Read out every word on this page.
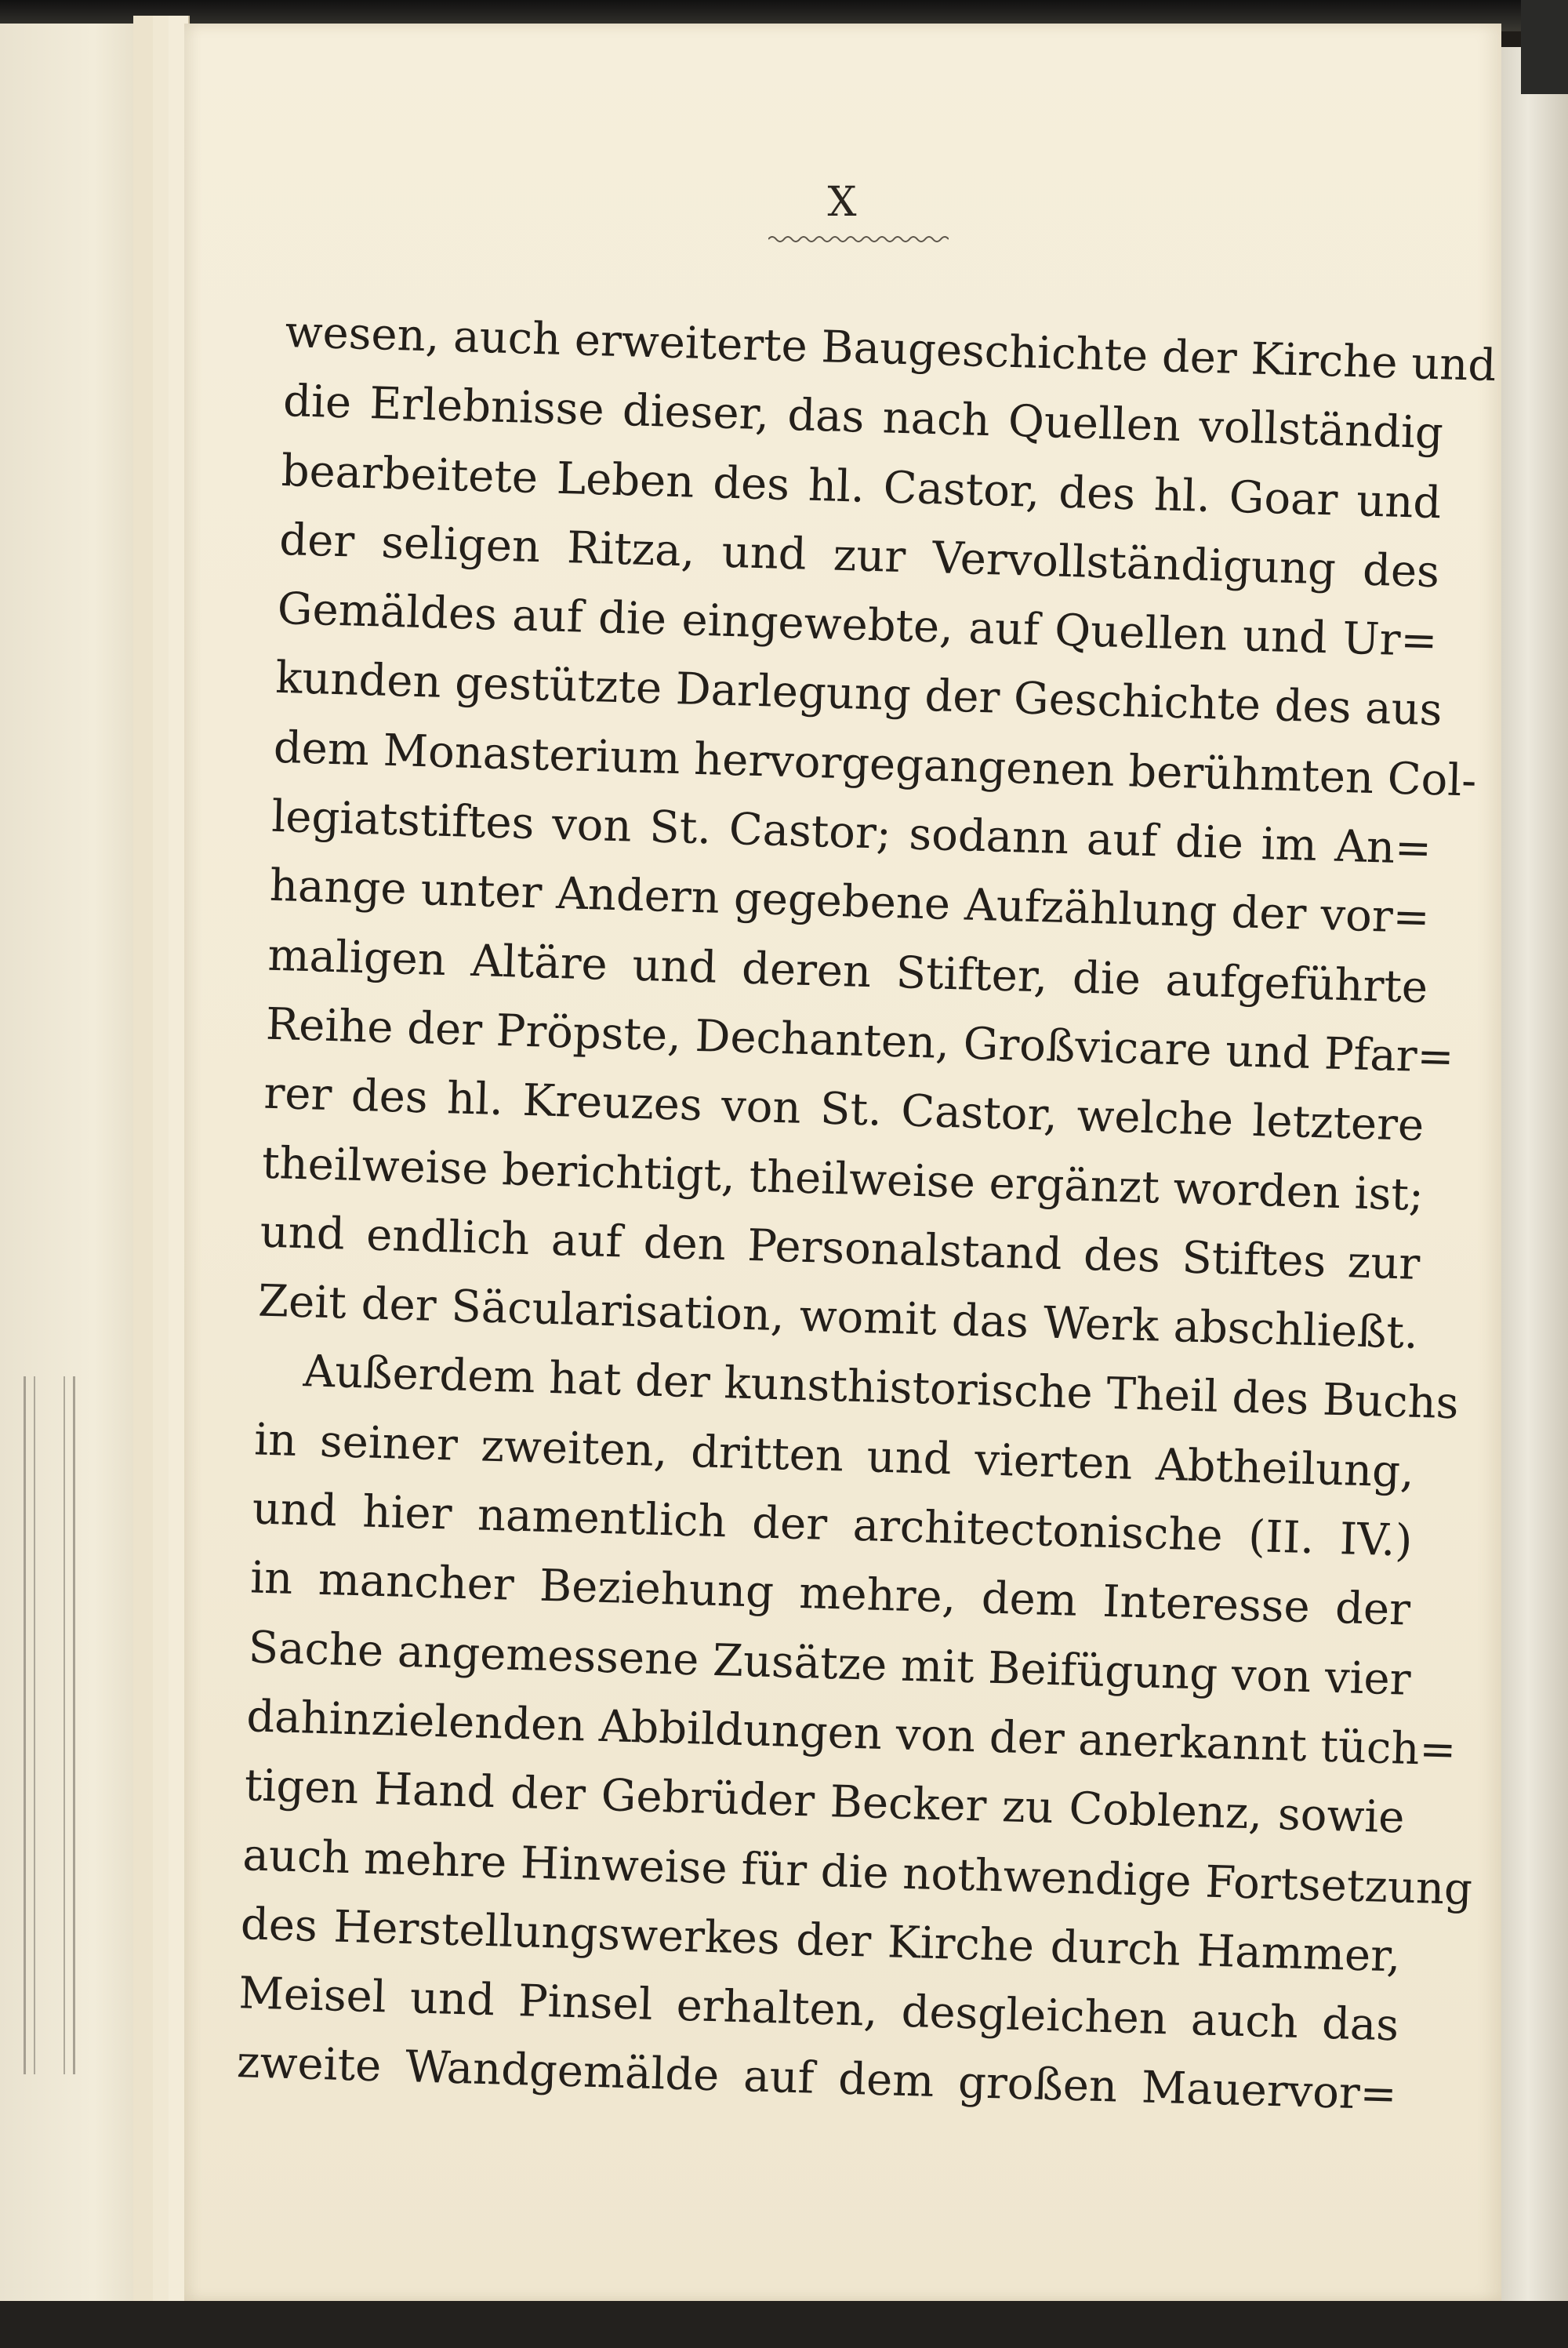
X
wesen, auch erweiterte Baugeschichte der Kirche und
die Erlebnisse dieser, das nach Quellen vollständig
bearbeitete Leben des hl. Castor, des hl. Goar und
der seligen Ritza, und zur Vervollständigung des
Gemäldes auf die eingewebte, auf Quellen und Ur=
kunden gestützte Darlegung der Geschichte des aus
dem Monasterium hervorgegangenen berühmten Col-
legiatstiftes von St. Castor; sodann auf die im An=
hange unter Andern gegebene Aufzählung der vor=
maligen Altäre und deren Stifter, die aufgeführte
Reihe der Pröpste, Dechanten, Großvicare und Pfar=
rer des hl. Kreuzes von St. Castor, welche letztere
theilweise berichtigt, theilweise ergänzt worden ist;
und endlich auf den Personalstand des Stiftes zur
Zeit der Säcularisation, womit das Werk abschließt.
Außerdem hat der kunsthistorische Theil des Buchs
in seiner zweiten, dritten und vierten Abtheilung,
und hier namentlich der architectonische (II. IV.)
in mancher Beziehung mehre, dem Interesse der
Sache angemessene Zusätze mit Beifügung von vier
dahinzielenden Abbildungen von der anerkannt tüch=
tigen Hand der Gebrüder Becker zu Coblenz, sowie
auch mehre Hinweise für die nothwendige Fortsetzung
des Herstellungswerkes der Kirche durch Hammer,
Meisel und Pinsel erhalten, desgleichen auch das
zweite Wandgemälde auf dem großen Mauervor=
